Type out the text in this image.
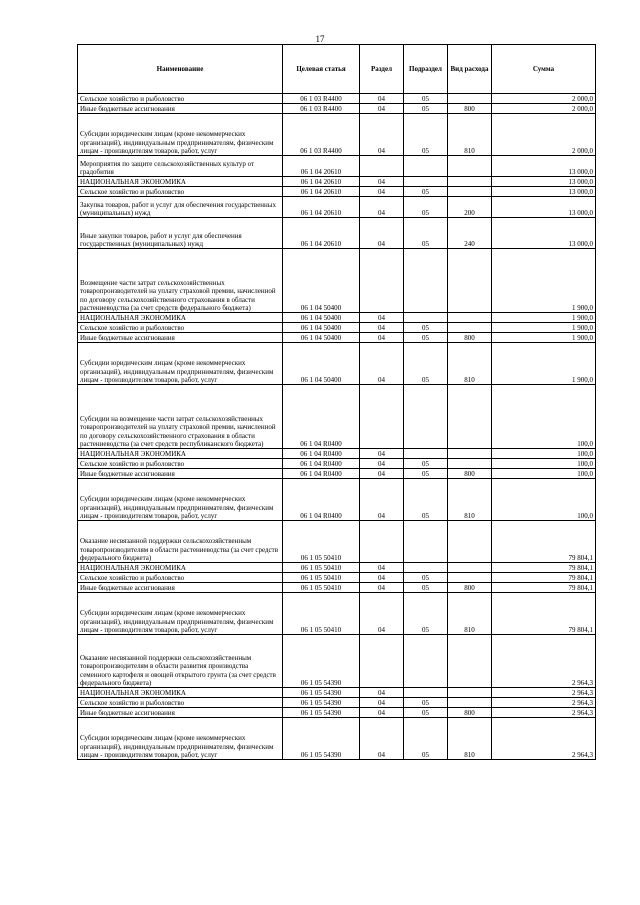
17
Наименование	Целевая статья	Раздел	Подраздел	Вид расхода	Сумма
Сельское хозяйство и рыболовство	06 1 03 R4400	04	05		2 000,0
Иные бюджетные ассигнования	06 1 03 R4400	04	05	800	2 000,0
Субсидии юридическим лицам (кроме некоммерческих организаций), индивидуальным предпринимателям, физическим лицам - производителям товаров, работ, услуг	06 1 03 R4400	04	05	810	2 000,0
Мероприятия по защите сельскохозяйственных культур от градобития	06 1 04 20610				13 000,0
НАЦИОНАЛЬНАЯ ЭКОНОМИКА	06 1 04 20610	04			13 000,0
Сельское хозяйство и рыболовство	06 1 04 20610	04	05		13 000,0
Закупка товаров, работ и услуг для обеспечения государственных (муниципальных) нужд	06 1 04 20610	04	05	200	13 000,0
Иные закупки товаров, работ и услуг для обеспечения государственных (муниципальных) нужд	06 1 04 20610	04	05	240	13 000,0
Возмещение части затрат сельскохозяйственных товаропроизводителей на уплату страховой премии, начисленной по договору сельскохозяйственного страхования в области растениеводства (за счет средств федерального бюджета)	06 1 04 50400				1 900,0
НАЦИОНАЛЬНАЯ ЭКОНОМИКА	06 1 04 50400	04			1 900,0
Сельское хозяйство и рыболовство	06 1 04 50400	04	05		1 900,0
Иные бюджетные ассигнования	06 1 04 50400	04	05	800	1 900,0
Субсидии юридическим лицам (кроме некоммерческих организаций), индивидуальным предпринимателям, физическим лицам - производителям товаров, работ, услуг	06 1 04 50400	04	05	810	1 900,0
Субсидии на возмещение части затрат сельскохозяйственных товаропроизводителей на уплату страховой премии, начисленной по договору сельскохозяйственного страхования в области растениеводства (за счет средств республиканского бюджета)	06 1 04 R0400				100,0
НАЦИОНАЛЬНАЯ ЭКОНОМИКА	06 1 04 R0400	04			100,0
Сельское хозяйство и рыболовство	06 1 04 R0400	04	05		100,0
Иные бюджетные ассигнования	06 1 04 R0400	04	05	800	100,0
Субсидии юридическим лицам (кроме некоммерческих организаций), индивидуальным предпринимателям, физическим лицам - производителям товаров, работ, услуг	06 1 04 R0400	04	05	810	100,0
Оказание несвязанной поддержки сельскохозяйственным товаропроизводителям в области растениеводства (за счет средств федерального бюджета)	06 1 05 50410				79 804,1
НАЦИОНАЛЬНАЯ ЭКОНОМИКА	06 1 05 50410	04			79 804,1
Сельское хозяйство и рыболовство	06 1 05 50410	04	05		79 804,1
Иные бюджетные ассигнования	06 1 05 50410	04	05	800	79 804,1
Субсидии юридическим лицам (кроме некоммерческих организаций), индивидуальным предпринимателям, физическим лицам - производителям товаров, работ, услуг	06 1 05 50410	04	05	810	79 804,1
Оказание несвязанной поддержки сельскохозяйственным товаропроизводителям в области развития производства семенного картофеля и овощей открытого грунта (за счет средств федерального бюджета)	06 1 05 54390				2 964,3
НАЦИОНАЛЬНАЯ ЭКОНОМИКА	06 1 05 54390	04			2 964,3
Сельское хозяйство и рыболовство	06 1 05 54390	04	05		2 964,3
Иные бюджетные ассигнования	06 1 05 54390	04	05	800	2 964,3
Субсидии юридическим лицам (кроме некоммерческих организаций), индивидуальным предпринимателям, физическим лицам - производителям товаров, работ, услуг	06 1 05 54390	04	05	810	2 964,3
